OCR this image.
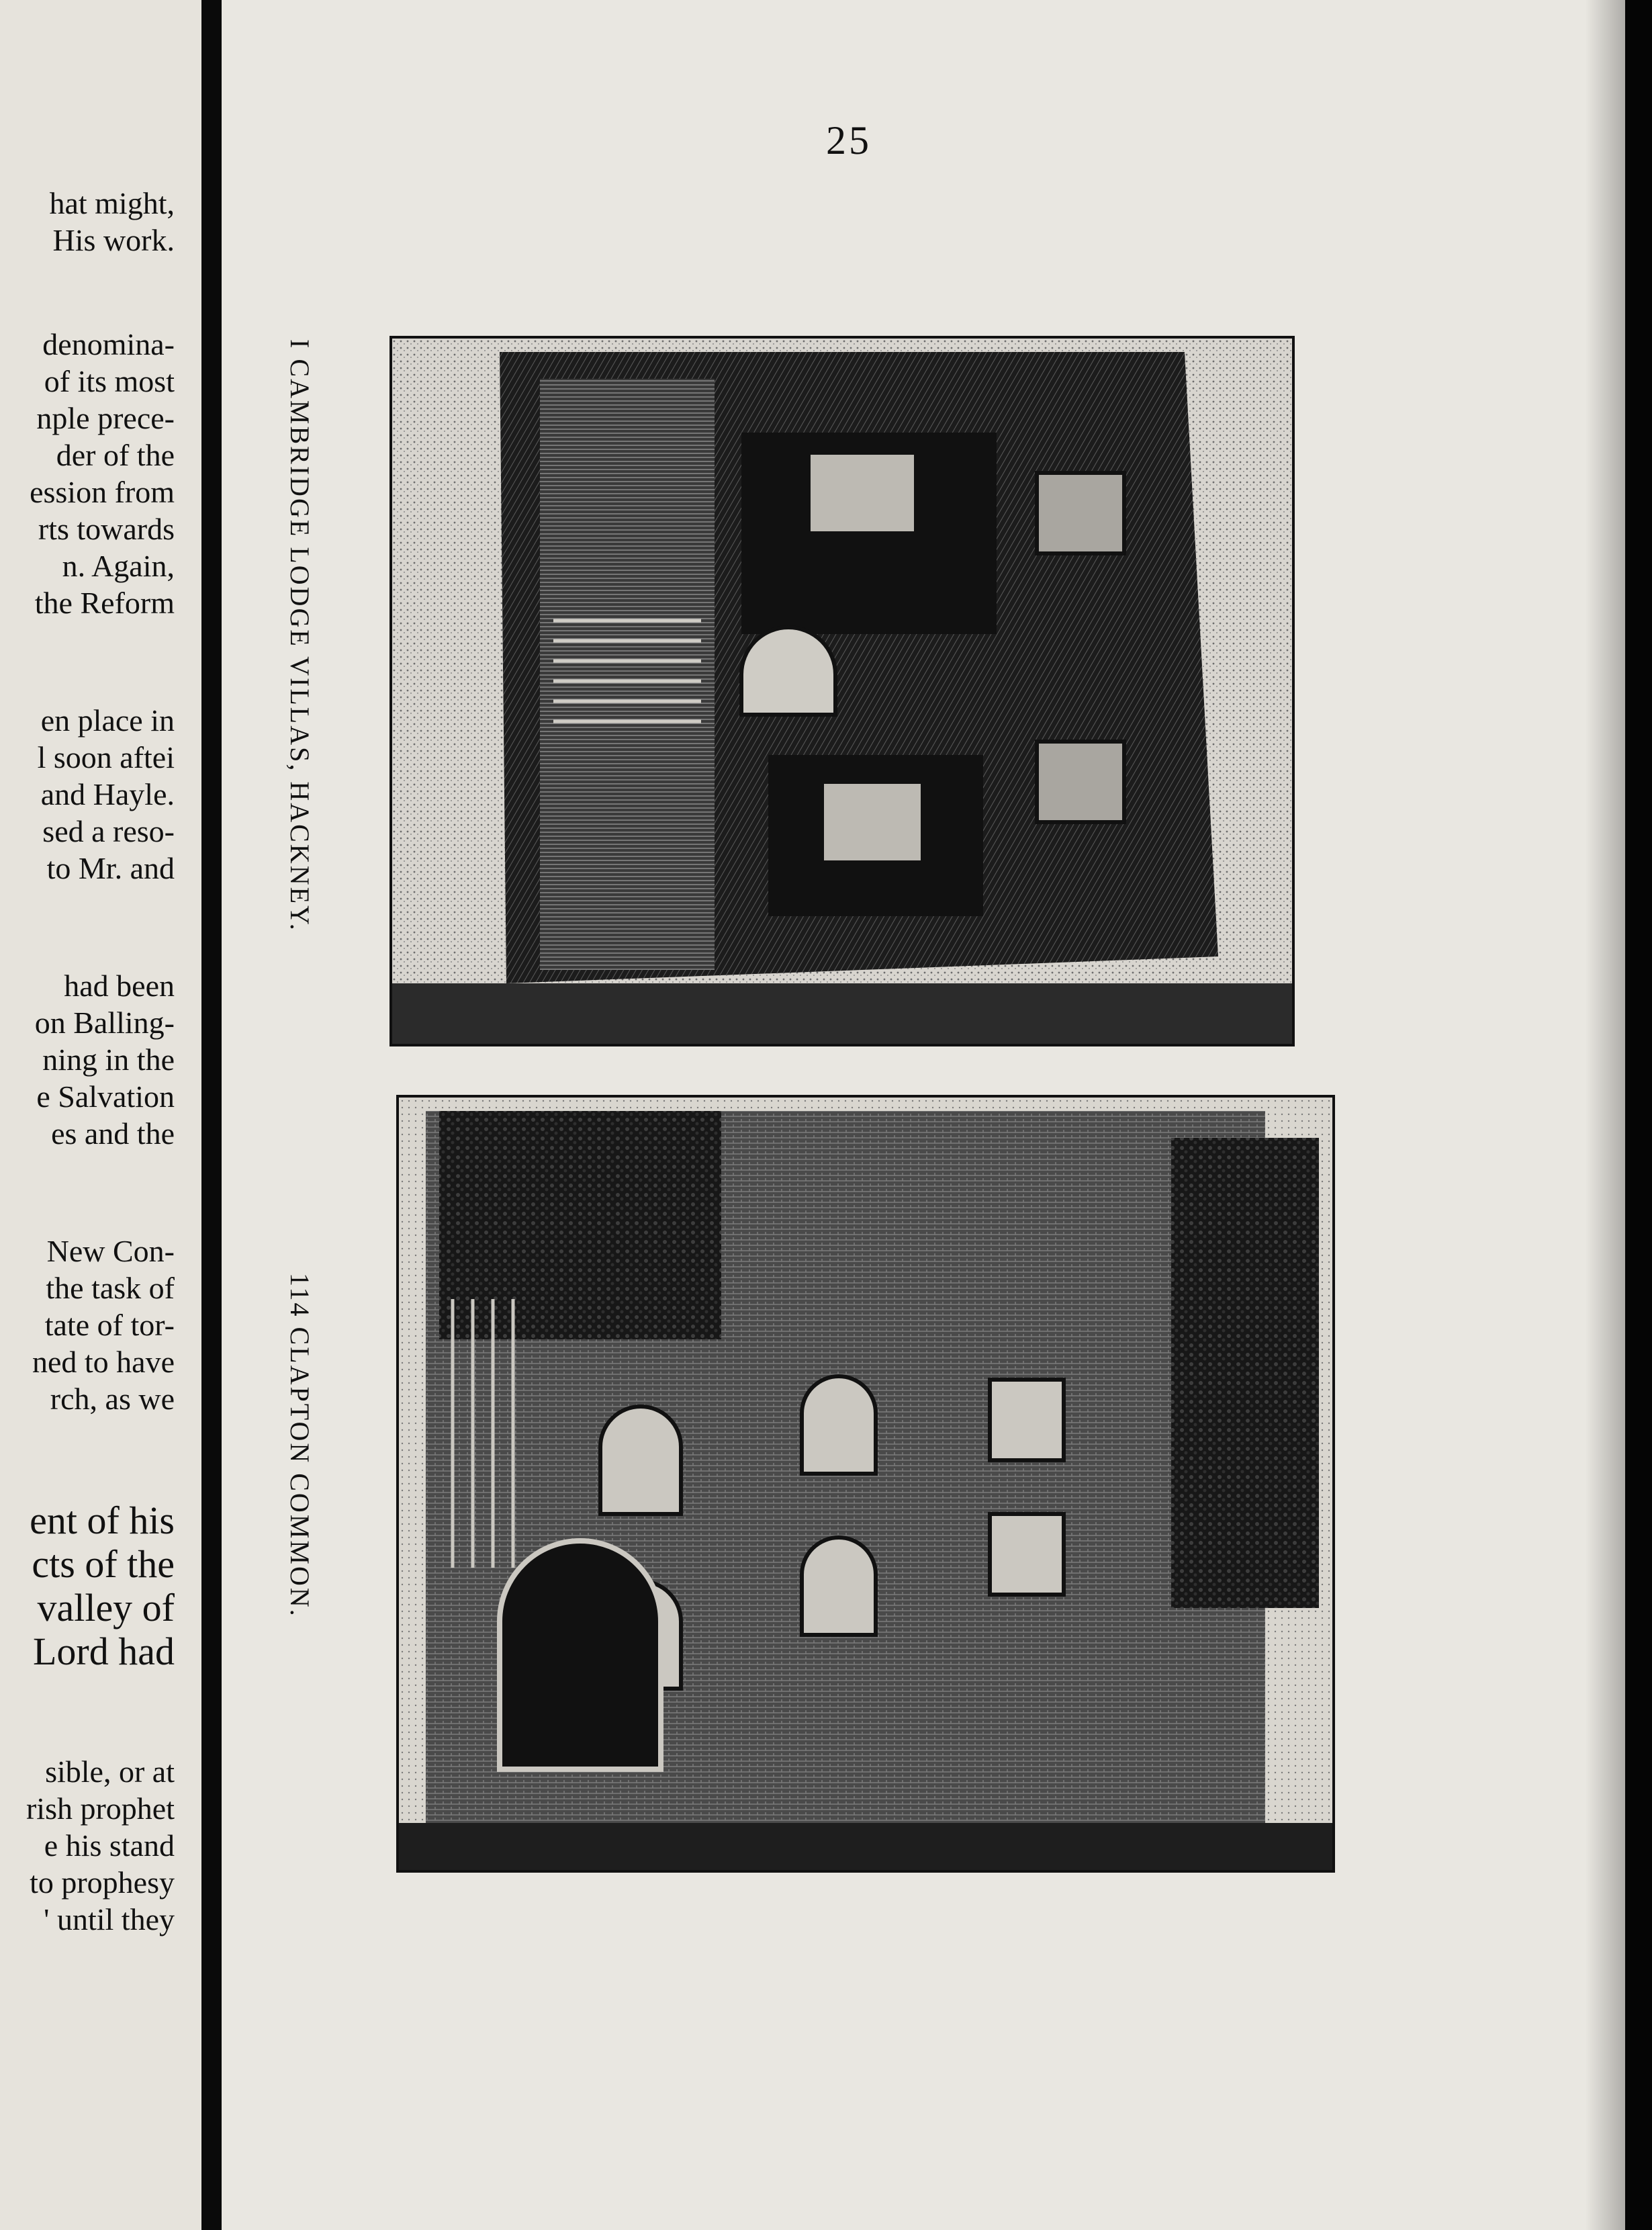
hat might,
His work.
denomina-
of its most
nple prece-
der of the
ession from
rts towards
n. Again,
the Reform
en place in
l soon aftei
and Hayle.
sed a reso-
to Mr. and
had been
on Balling-
ning in the
e Salvation
es and the
New Con-
the task of
tate of tor-
ned to have
rch, as we
ent of his
cts of the
valley of
Lord had
sible, or at
rish prophet
e his stand
to prophesy
' until they
25
I CAMBRIDGE LODGE VILLAS, HACKNEY.
114 CLAPTON COMMON.
